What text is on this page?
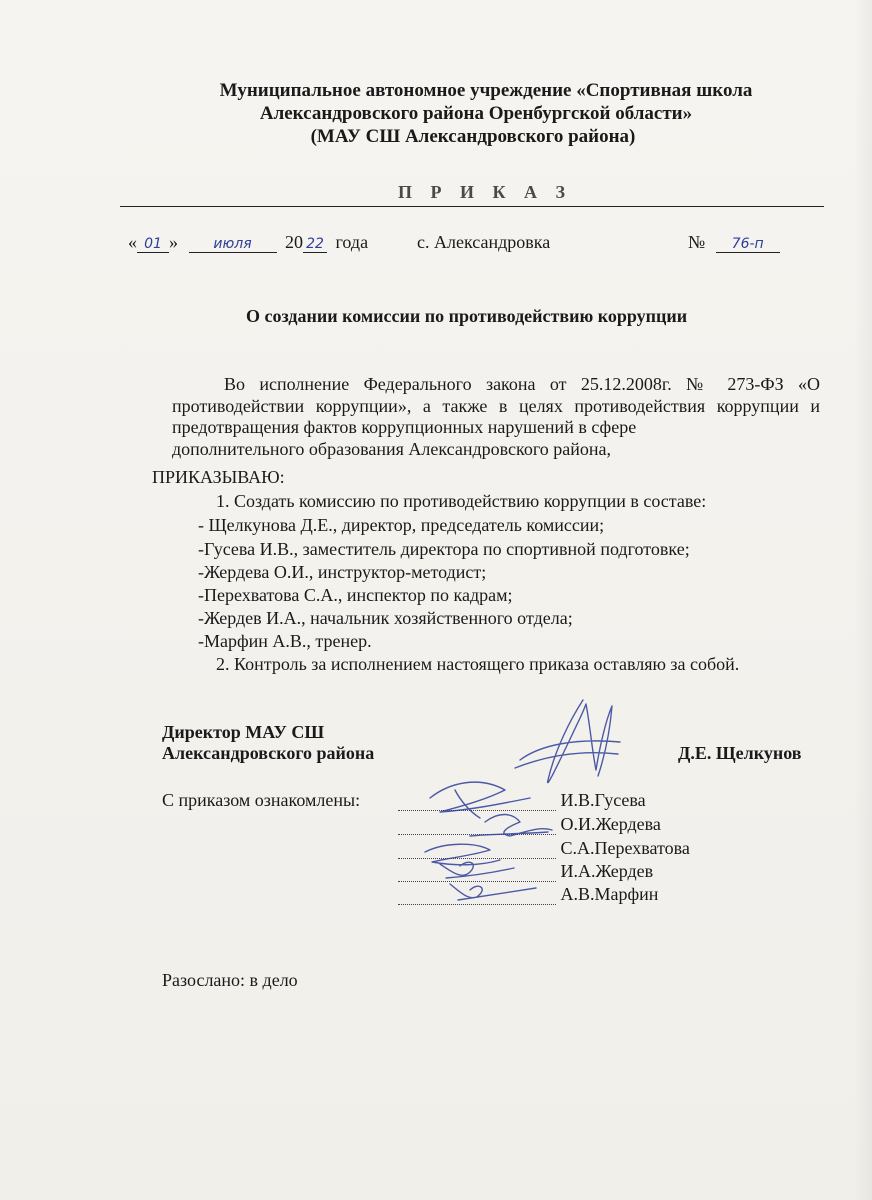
Муниципальное автономное учреждение «Спортивная школа
Александровского района Оренбургской области»
(МАУ СШ Александровского района)
П Р И К А З
« 01 »	июля 20 22 года	с. Александровка	№ 76-п
О создании комиссии по противодействию коррупции

Во исполнение Федерального закона от 25.12.2008г. № 273-ФЗ «О противодействии коррупции», а также в целях противодействия коррупции и предотвращения фактов коррупционных нарушений в сфере

дополнительного образования Александровского района,

ПРИКАЗЫВАЮ:
1. Создать комиссию по противодействию коррупции в составе:
- Щелкунова Д.Е., директор, председатель комиссии;
-Гусева И.В., заместитель директора по спортивной подготовке;
-Жердева О.И., инструктор-методист;
-Перехватова С.А., инспектор по кадрам;
-Жердев И.А., начальник хозяйственного отдела;
-Марфин А.В., тренер.
2. Контроль за исполнением настоящего приказа оставляю за собой.
Директор МАУ СШ
Александровского района	Д.Е. Щелкунов
С приказом ознакомлены:	И.В.Гусева
О.И.Жердева
С.А.Перехватова
И.А.Жердев
А.В.Марфин
Разослано: в дело
